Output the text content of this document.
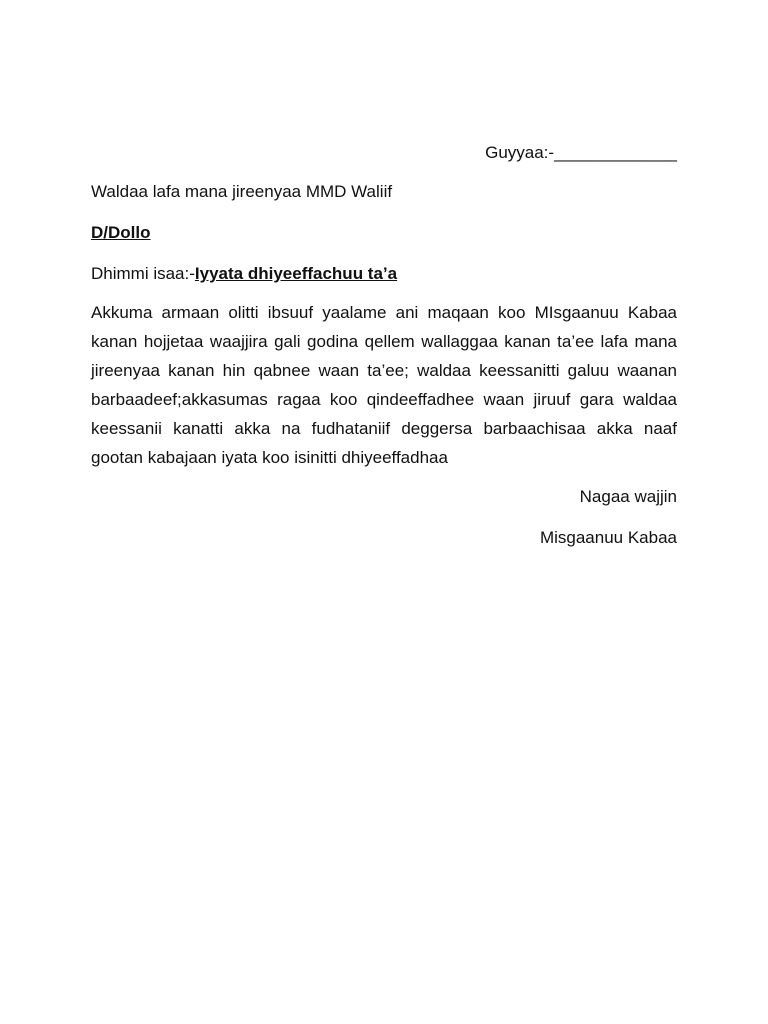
Guyyaa:-_____________

Waldaa lafa mana jireenyaa MMD Waliif

D/Dollo

Dhimmi isaa:-Iyyata dhiyeeffachuu ta’a

Akkuma armaan olitti ibsuuf yaalame ani maqaan koo MIsgaanuu Kabaa kanan hojjetaa waajjira gali godina qellem wallaggaa kanan ta’ee lafa mana jireenyaa kanan hin qabnee waan ta’ee; waldaa keessanitti galuu waanan barbaadeef;akkasumas ragaa koo qindeeffadhee waan jiruuf gara waldaa keessanii kanatti akka na fudhataniif deggersa barbaachisaa akka naaf gootan kabajaan iyata koo isinitti dhiyeeffadhaa

Nagaa wajjin

Misgaanuu Kabaa
